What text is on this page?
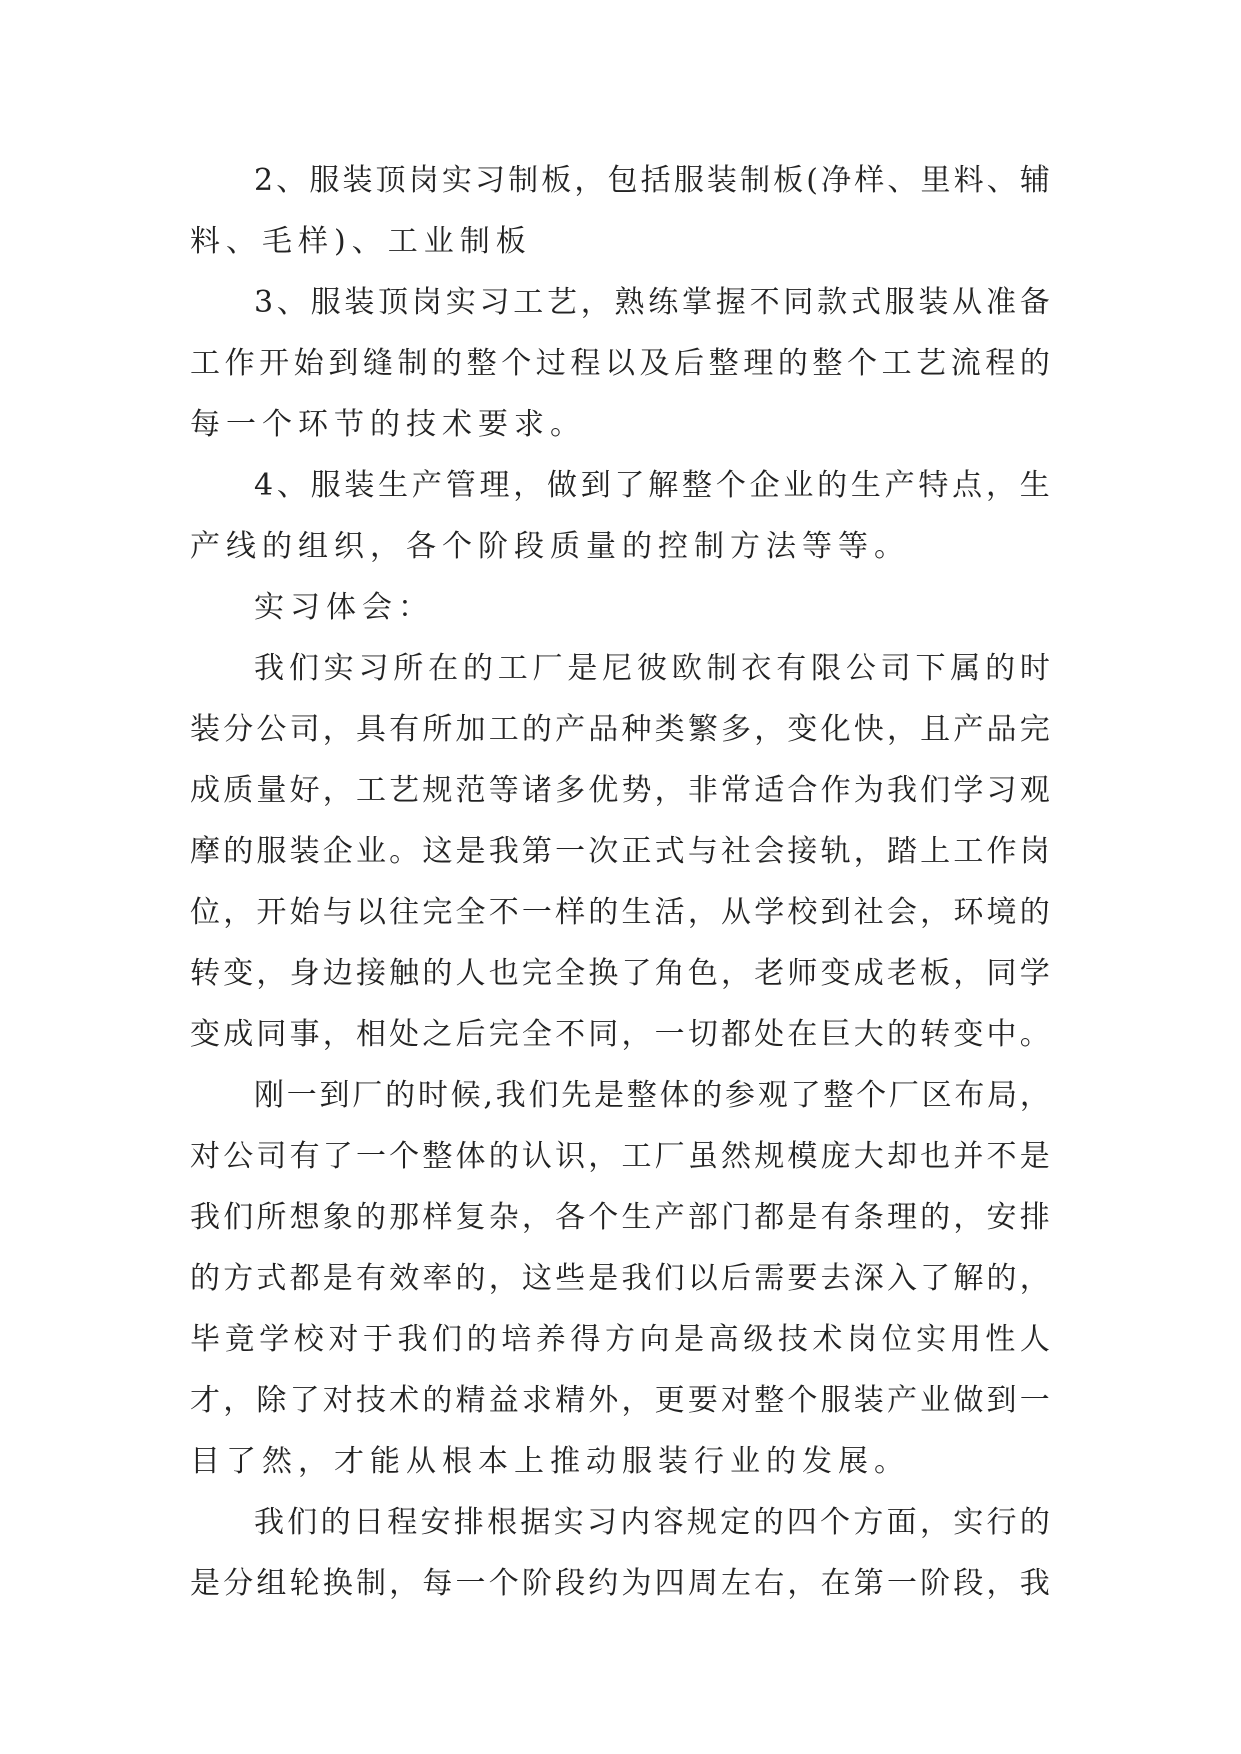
2 、 服 装 顶 岗 实 习 制 板 ， 包 括 服 装 制 板 ( 净 样 、 里 料 、 辅
料 、 毛 样 ) 、 工 业 制 板
3 、 服 装 顶 岗 实 习 工 艺 ， 熟 练 掌 握 不 同 款 式 服 装 从 准 备
工 作 开 始 到 缝 制 的 整 个 过 程 以 及 后 整 理 的 整 个 工 艺 流 程 的
每 一 个 环 节 的 技 术 要 求 。
4 、 服 装 生 产 管 理 ， 做 到 了 解 整 个 企 业 的 生 产 特 点 ， 生
产 线 的 组 织 ， 各 个 阶 段 质 量 的 控 制 方 法 等 等 。
实 习 体 会 ：
我 们 实 习 所 在 的 工 厂 是 尼 彼 欧 制 衣 有 限 公 司 下 属 的 时
装 分 公 司 ， 具 有 所 加 工 的 产 品 种 类 繁 多 ， 变 化 快 ， 且 产 品 完
成 质 量 好 ， 工 艺 规 范 等 诸 多 优 势 ， 非 常 适 合 作 为 我 们 学 习 观
摩 的 服 装 企 业 。 这 是 我 第 一 次 正 式 与 社 会 接 轨 ， 踏 上 工 作 岗
位 ， 开 始 与 以 往 完 全 不 一 样 的 生 活 ， 从 学 校 到 社 会 ， 环 境 的
转 变 ， 身 边 接 触 的 人 也 完 全 换 了 角 色 ， 老 师 变 成 老 板 ， 同 学
变 成 同 事 ， 相 处 之 后 完 全 不 同 ， 一 切 都 处 在 巨 大 的 转 变 中 。
刚 一 到 厂 的 时 候 , 我 们 先 是 整 体 的 参 观 了 整 个 厂 区 布 局 ，
对 公 司 有 了 一 个 整 体 的 认 识 ， 工 厂 虽 然 规 模 庞 大 却 也 并 不 是
我 们 所 想 象 的 那 样 复 杂 ， 各 个 生 产 部 门 都 是 有 条 理 的 ， 安 排
的 方 式 都 是 有 效 率 的 ， 这 些 是 我 们 以 后 需 要 去 深 入 了 解 的 ，
毕 竟 学 校 对 于 我 们 的 培 养 得 方 向 是 高 级 技 术 岗 位 实 用 性 人
才 ， 除 了 对 技 术 的 精 益 求 精 外 ， 更 要 对 整 个 服 装 产 业 做 到 一
目 了 然 ， 才 能 从 根 本 上 推 动 服 装 行 业 的 发 展 。
我 们 的 日 程 安 排 根 据 实 习 内 容 规 定 的 四 个 方 面 ， 实 行 的
是 分 组 轮 换 制 ， 每 一 个 阶 段 约 为 四 周 左 右 ， 在 第 一 阶 段 ， 我
